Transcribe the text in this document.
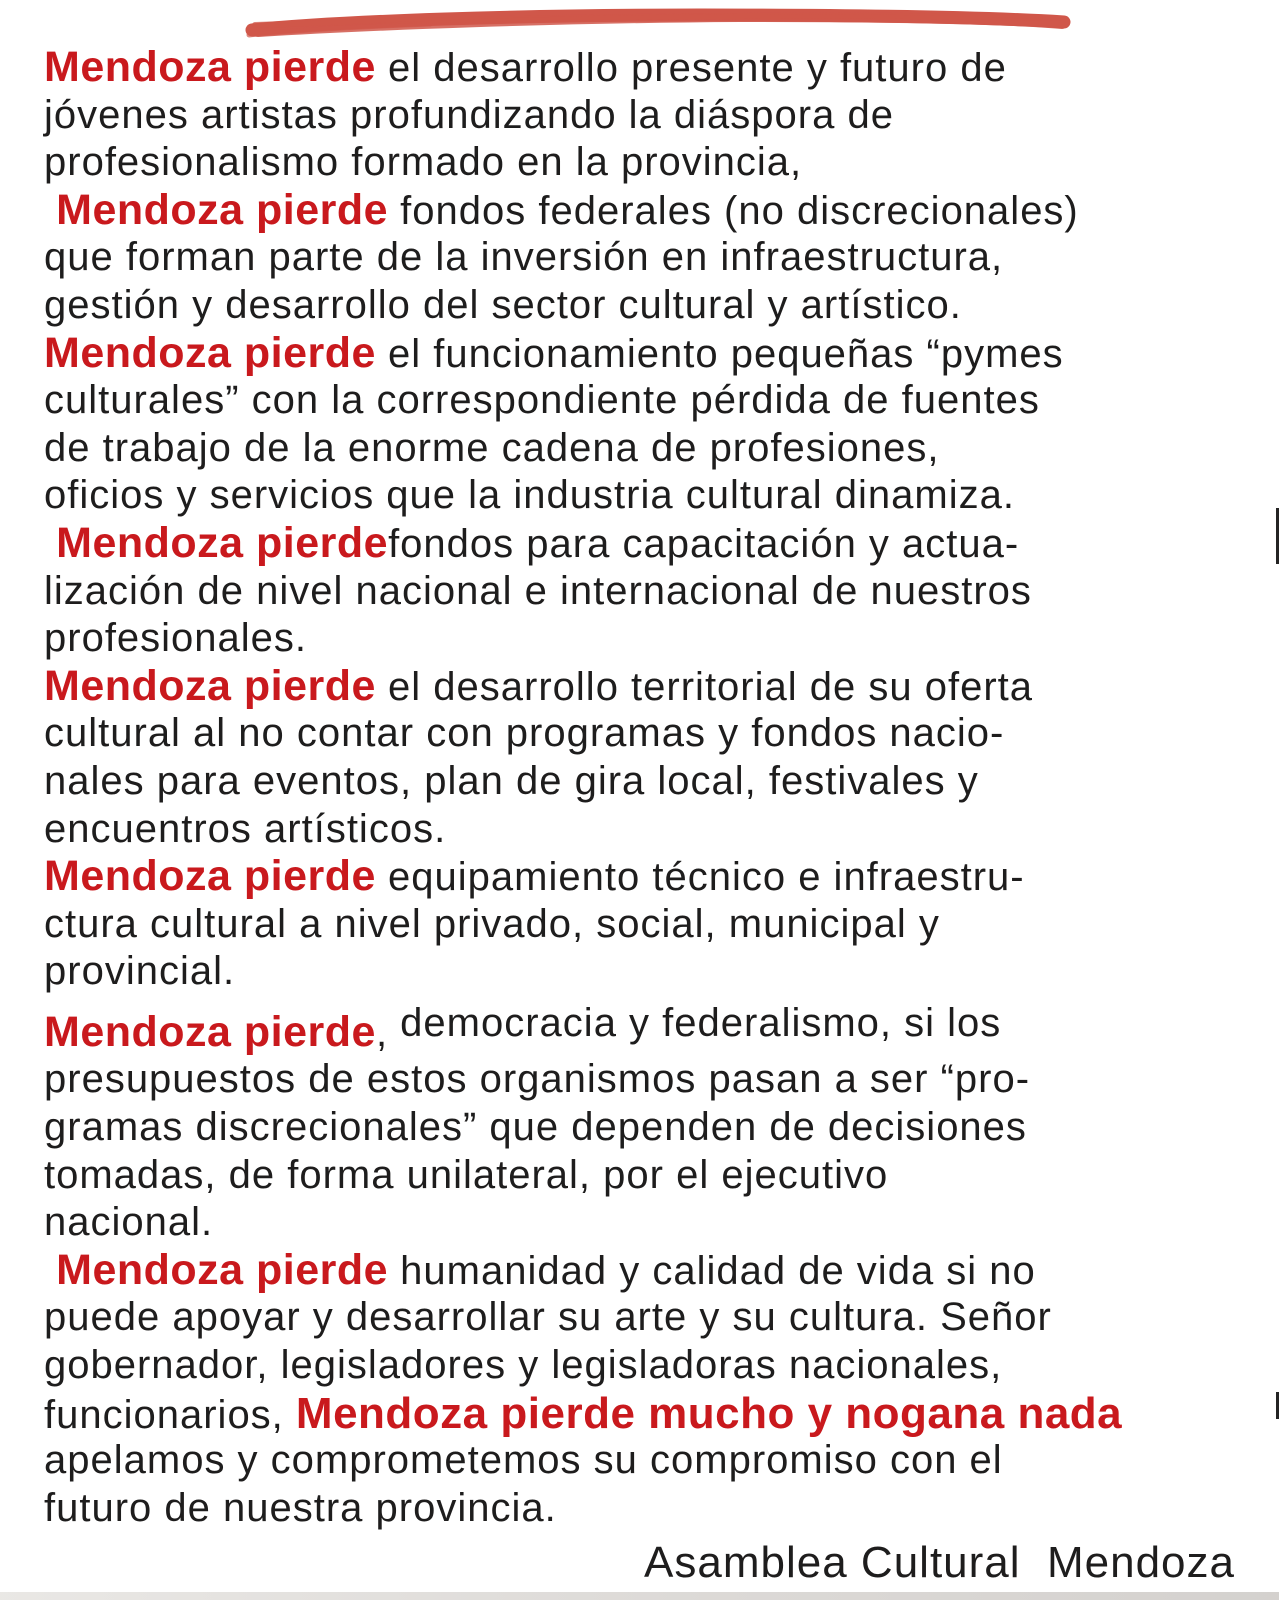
Mendoza pierde el desarrollo presente y futuro de
jóvenes artistas profundizando la diáspora de
profesionalismo formado en la provincia,
Mendoza pierde fondos federales (no discrecionales)
que forman parte de la inversión en infraestructura,
gestión y desarrollo del sector cultural y artístico.
Mendoza pierde el funcionamiento pequeñas “pymes
culturales” con la correspondiente pérdida de fuentes
de trabajo de la enorme cadena de profesiones,
oficios y servicios que la industria cultural dinamiza.
Mendoza pierdefondos para capacitación y actua-
lización de nivel nacional e internacional de nuestros
profesionales.
Mendoza pierde el desarrollo territorial de su oferta
cultural al no contar con programas y fondos nacio-
nales para eventos, plan de gira local, festivales y
encuentros artísticos.
Mendoza pierde equipamiento técnico e infraestru-
ctura cultural a nivel privado, social, municipal y
provincial.
Mendoza pierde, democracia y federalismo, si los
presupuestos de estos organismos pasan a ser “pro-
gramas discrecionales” que dependen de decisiones
tomadas, de forma unilateral, por el ejecutivo
nacional.
Mendoza pierde humanidad y calidad de vida si no
puede apoyar y desarrollar su arte y su cultura. Señor
gobernador, legisladores y legisladoras nacionales,
funcionarios, Mendoza pierde mucho y nogana nada
apelamos y comprometemos su compromiso con el
futuro de nuestra provincia.
Asamblea Cultural  Mendoza
